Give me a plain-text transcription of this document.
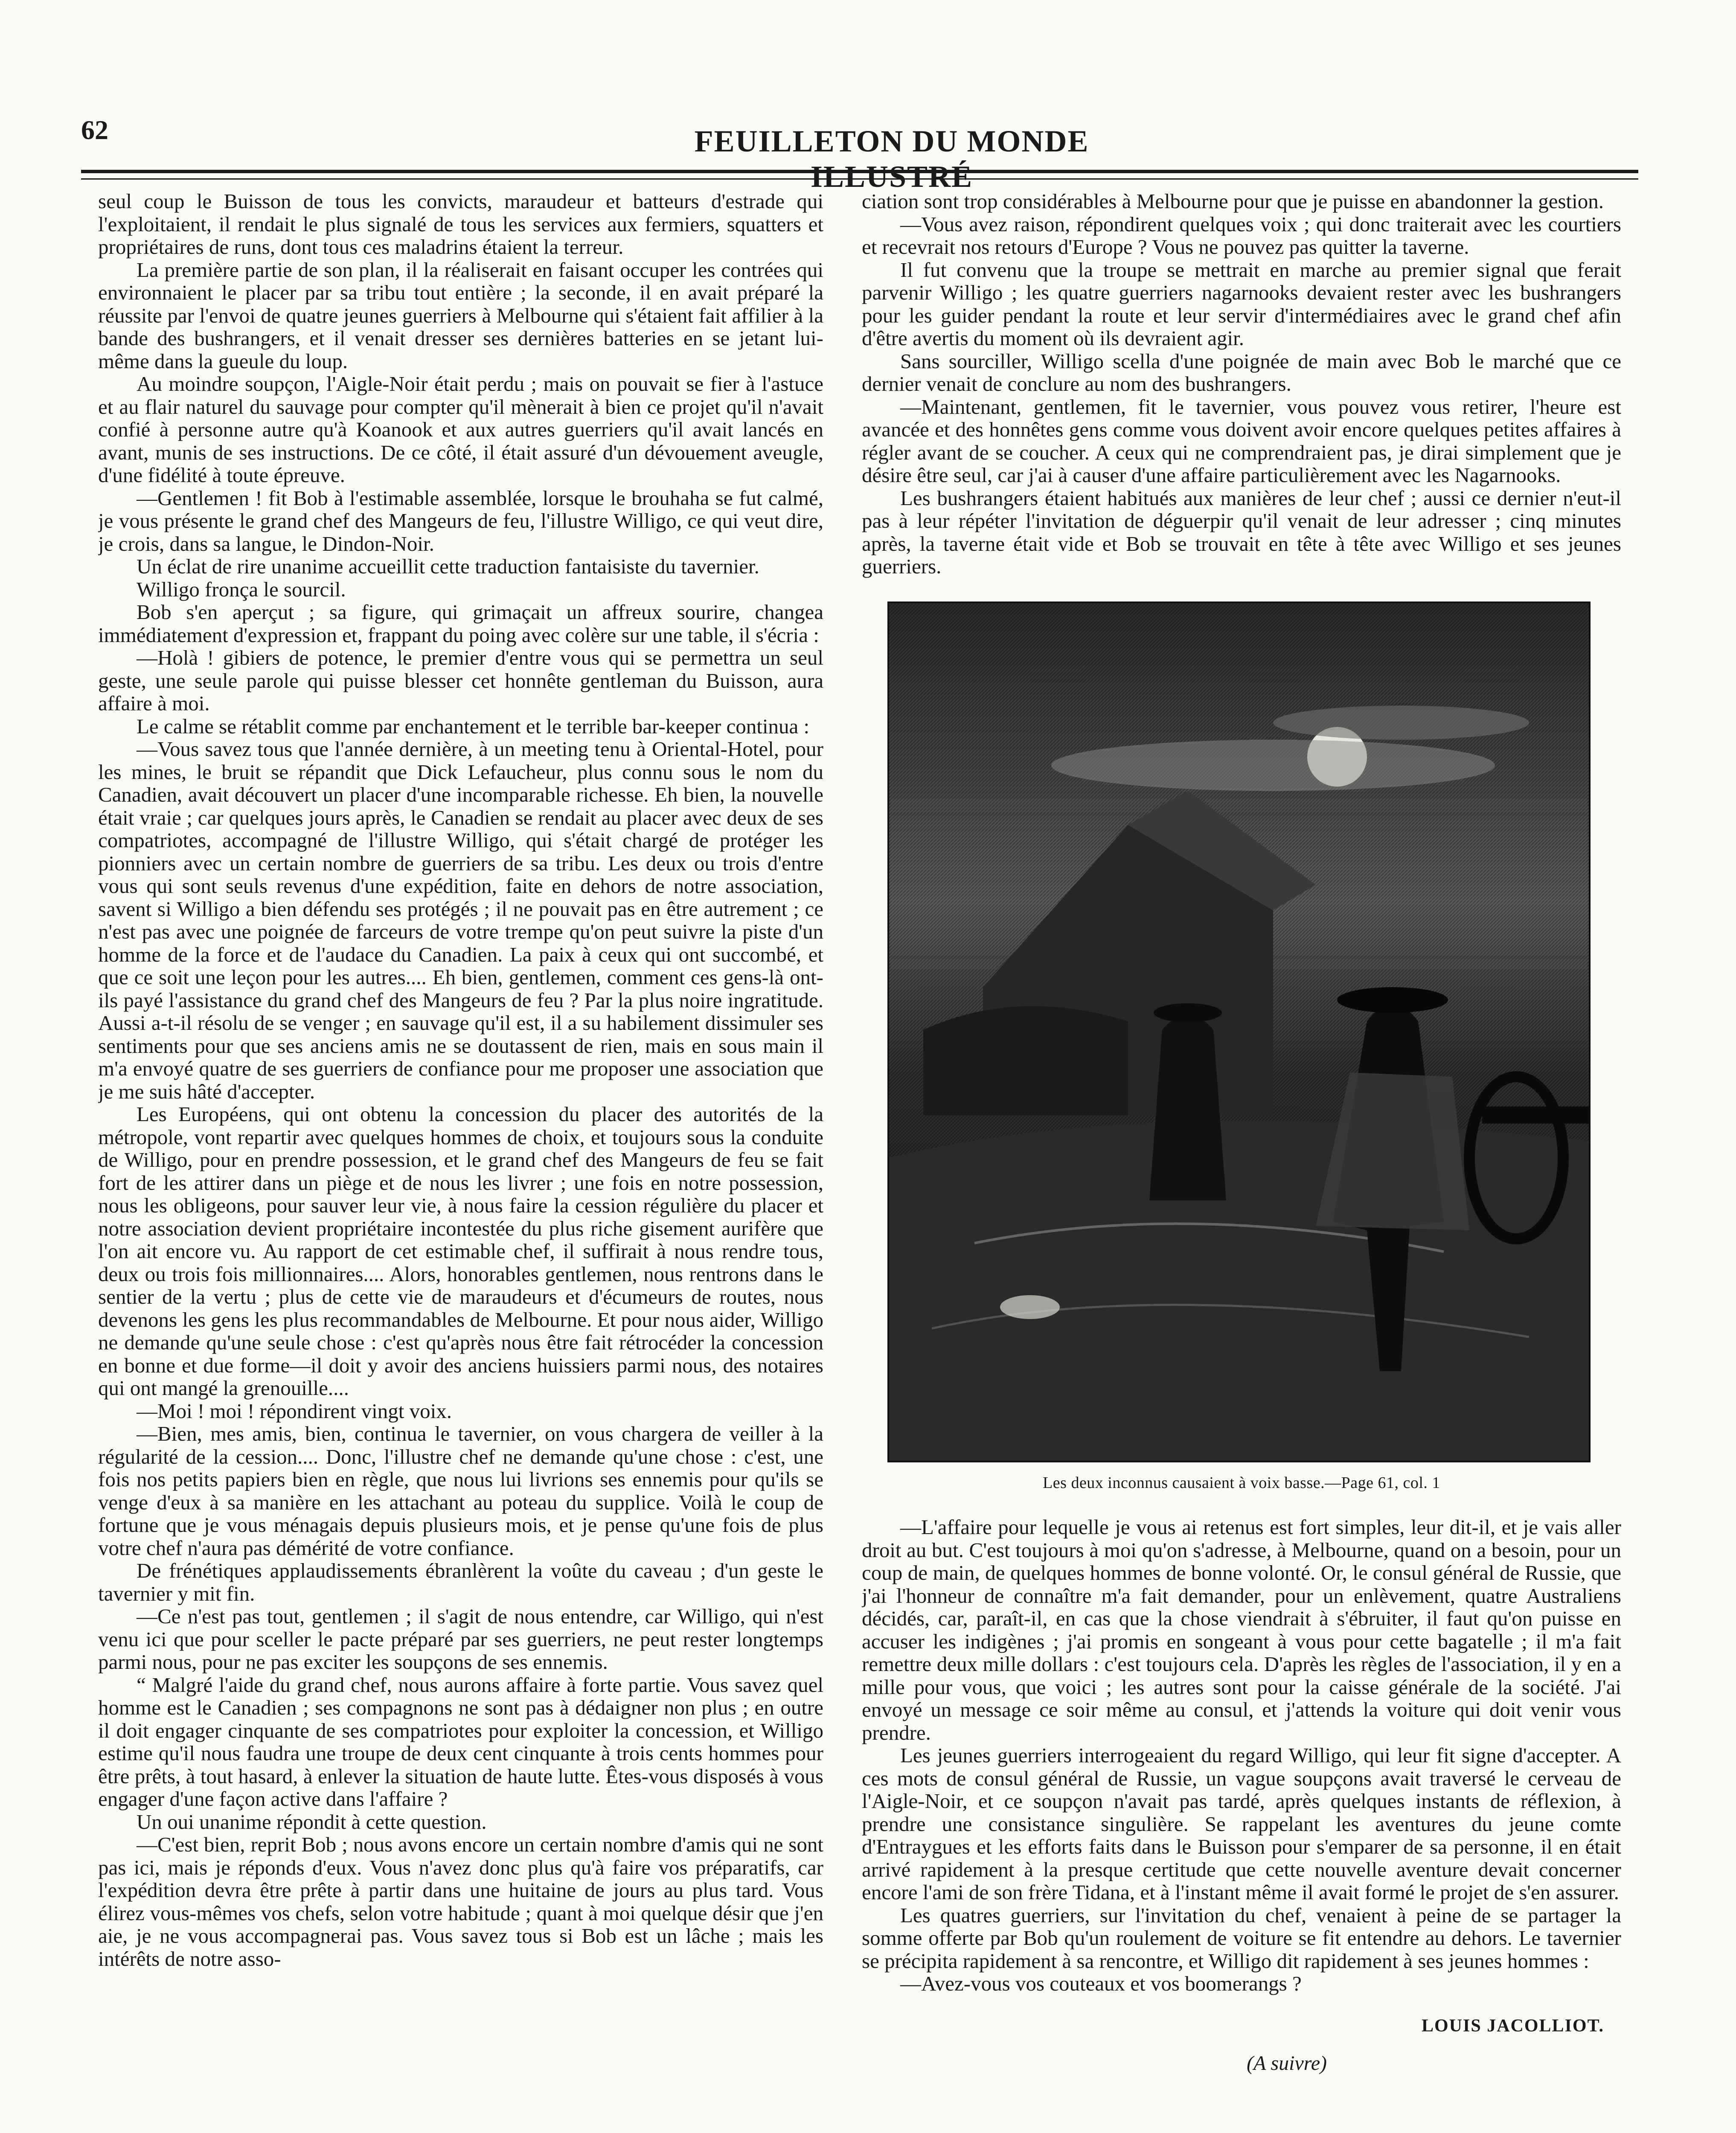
62	FEUILLETON DU MONDE ILLUSTRÉ

seul coup le Buisson de tous les convicts, maraudeur et batteurs d'estrade qui l'exploitaient, il rendait le plus signalé de tous les services aux fermiers, squatters et propriétaires de runs, dont tous ces maladrins étaient la terreur.

La première partie de son plan, il la réaliserait en faisant occuper les contrées qui environnaient le placer par sa tribu tout entière ; la seconde, il en avait préparé la réussite par l'envoi de quatre jeunes guerriers à Melbourne qui s'étaient fait affilier à la bande des bushrangers, et il venait dresser ses dernières batteries en se jetant lui-même dans la gueule du loup.

Au moindre soupçon, l'Aigle-Noir était perdu ; mais on pouvait se fier à l'astuce et au flair naturel du sauvage pour compter qu'il mènerait à bien ce projet qu'il n'avait confié à personne autre qu'à Koanook et aux autres guerriers qu'il avait lancés en avant, munis de ses instructions. De ce côté, il était assuré d'un dévouement aveugle, d'une fidélité à toute épreuve.

—Gentlemen ! fit Bob à l'estimable assemblée, lorsque le brouhaha se fut calmé, je vous présente le grand chef des Mangeurs de feu, l'illustre Willigo, ce qui veut dire, je crois, dans sa langue, le Dindon-Noir.

Un éclat de rire unanime accueillit cette traduction fantaisiste du tavernier.

Willigo fronça le sourcil.

Bob s'en aperçut ; sa figure, qui grimaçait un affreux sourire, changea immédiatement d'expression et, frappant du poing avec colère sur une table, il s'écria :

—Holà ! gibiers de potence, le premier d'entre vous qui se permettra un seul geste, une seule parole qui puisse blesser cet honnête gentleman du Buisson, aura affaire à moi.

Le calme se rétablit comme par enchantement et le terrible bar-keeper continua :

—Vous savez tous que l'année dernière, à un meeting tenu à Oriental-Hotel, pour les mines, le bruit se répandit que Dick Lefaucheur, plus connu sous le nom du Canadien, avait découvert un placer d'une incomparable richesse. Eh bien, la nouvelle était vraie ; car quelques jours après, le Canadien se rendait au placer avec deux de ses compatriotes, accompagné de l'illustre Willigo, qui s'était chargé de protéger les pionniers avec un certain nombre de guerriers de sa tribu. Les deux ou trois d'entre vous qui sont seuls revenus d'une expédition, faite en dehors de notre association, savent si Willigo a bien défendu ses protégés ; il ne pouvait pas en être autrement ; ce n'est pas avec une poignée de farceurs de votre trempe qu'on peut suivre la piste d'un homme de la force et de l'audace du Canadien. La paix à ceux qui ont succombé, et que ce soit une leçon pour les autres.... Eh bien, gentlemen, comment ces gens-là ont-ils payé l'assistance du grand chef des Mangeurs de feu ? Par la plus noire ingratitude. Aussi a-t-il résolu de se venger ; en sauvage qu'il est, il a su habilement dissimuler ses sentiments pour que ses anciens amis ne se doutassent de rien, mais en sous main il m'a envoyé quatre de ses guerriers de confiance pour me proposer une association que je me suis hâté d'accepter.

Les Européens, qui ont obtenu la concession du placer des autorités de la métropole, vont repartir avec quelques hommes de choix, et toujours sous la conduite de Willigo, pour en prendre possession, et le grand chef des Mangeurs de feu se fait fort de les attirer dans un piège et de nous les livrer ; une fois en notre possession, nous les obligeons, pour sauver leur vie, à nous faire la cession régulière du placer et notre association devient propriétaire incontestée du plus riche gisement aurifère que l'on ait encore vu. Au rapport de cet estimable chef, il suffirait à nous rendre tous, deux ou trois fois millionnaires.... Alors, honorables gentlemen, nous rentrons dans le sentier de la vertu ; plus de cette vie de maraudeurs et d'écumeurs de routes, nous devenons les gens les plus recommandables de Melbourne. Et pour nous aider, Willigo ne demande qu'une seule chose : c'est qu'après nous être fait rétrocéder la concession en bonne et due forme—il doit y avoir des anciens huissiers parmi nous, des notaires qui ont mangé la grenouille....

—Moi ! moi ! répondirent vingt voix.

—Bien, mes amis, bien, continua le tavernier, on vous chargera de veiller à la régularité de la cession.... Donc, l'illustre chef ne demande qu'une chose : c'est, une fois nos petits papiers bien en règle, que nous lui livrions ses ennemis pour qu'ils se venge d'eux à sa manière en les attachant au poteau du supplice. Voilà le coup de fortune que je vous ménagais depuis plusieurs mois, et je pense qu'une fois de plus votre chef n'aura pas démérité de votre confiance.

De frénétiques applaudissements ébranlèrent la voûte du caveau ; d'un geste le tavernier y mit fin.

—Ce n'est pas tout, gentlemen ; il s'agit de nous entendre, car Willigo, qui n'est venu ici que pour sceller le pacte préparé par ses guerriers, ne peut rester longtemps parmi nous, pour ne pas exciter les soupçons de ses ennemis.

“ Malgré l'aide du grand chef, nous aurons affaire à forte partie. Vous savez quel homme est le Canadien ; ses compagnons ne sont pas à dédaigner non plus ; en outre il doit engager cinquante de ses compatriotes pour exploiter la concession, et Willigo estime qu'il nous faudra une troupe de deux cent cinquante à trois cents hommes pour être prêts, à tout hasard, à enlever la situation de haute lutte. Êtes-vous disposés à vous engager d'une façon active dans l'affaire ?

Un oui unanime répondit à cette question.

—C'est bien, reprit Bob ; nous avons encore un certain nombre d'amis qui ne sont pas ici, mais je réponds d'eux. Vous n'avez donc plus qu'à faire vos préparatifs, car l'expédition devra être prête à partir dans une huitaine de jours au plus tard. Vous élirez vous-mêmes vos chefs, selon votre habitude ; quant à moi quelque désir que j'en aie, je ne vous accompagnerai pas. Vous savez tous si Bob est un lâche ; mais les intérêts de notre asso-

ciation sont trop considérables à Melbourne pour que je puisse en abandonner la gestion.

—Vous avez raison, répondirent quelques voix ; qui donc traiterait avec les courtiers et recevrait nos retours d'Europe ? Vous ne pouvez pas quitter la taverne.

Il fut convenu que la troupe se mettrait en marche au premier signal que ferait parvenir Willigo ; les quatre guerriers nagarnooks devaient rester avec les bushrangers pour les guider pendant la route et leur servir d'intermédiaires avec le grand chef afin d'être avertis du moment où ils devraient agir.

Sans sourciller, Willigo scella d'une poignée de main avec Bob le marché que ce dernier venait de conclure au nom des bushrangers.

—Maintenant, gentlemen, fit le tavernier, vous pouvez vous retirer, l'heure est avancée et des honnêtes gens comme vous doivent avoir encore quelques petites affaires à régler avant de se coucher. A ceux qui ne comprendraient pas, je dirai simplement que je désire être seul, car j'ai à causer d'une affaire particulièrement avec les Nagarnooks.

Les bushrangers étaient habitués aux manières de leur chef ; aussi ce dernier n'eut-il pas à leur répéter l'invitation de déguerpir qu'il venait de leur adresser ; cinq minutes après, la taverne était vide et Bob se trouvait en tête à tête avec Willigo et ses jeunes guerriers.

Les deux inconnus causaient à voix basse.—Page 61, col. 1

—L'affaire pour lequelle je vous ai retenus est fort simples, leur dit-il, et je vais aller droit au but. C'est toujours à moi qu'on s'adresse, à Melbourne, quand on a besoin, pour un coup de main, de quelques hommes de bonne volonté. Or, le consul général de Russie, que j'ai l'honneur de connaître m'a fait demander, pour un enlèvement, quatre Australiens décidés, car, paraît-il, en cas que la chose viendrait à s'ébruiter, il faut qu'on puisse en accuser les indigènes ; j'ai promis en songeant à vous pour cette bagatelle ; il m'a fait remettre deux mille dollars : c'est toujours cela. D'après les règles de l'association, il y en a mille pour vous, que voici ; les autres sont pour la caisse générale de la société. J'ai envoyé un message ce soir même au consul, et j'attends la voiture qui doit venir vous prendre.

Les jeunes guerriers interrogeaient du regard Willigo, qui leur fit signe d'accepter. A ces mots de consul général de Russie, un vague soupçons avait traversé le cerveau de l'Aigle-Noir, et ce soupçon n'avait pas tardé, après quelques instants de réflexion, à prendre une consistance singulière. Se rappelant les aventures du jeune comte d'Entraygues et les efforts faits dans le Buisson pour s'emparer de sa personne, il en était arrivé rapidement à la presque certitude que cette nouvelle aventure devait concerner encore l'ami de son frère Tidana, et à l'instant même il avait formé le projet de s'en assurer.

Les quatres guerriers, sur l'invitation du chef, venaient à peine de se partager la somme offerte par Bob qu'un roulement de voiture se fit entendre au dehors. Le tavernier se précipita rapidement à sa rencontre, et Willigo dit rapidement à ses jeunes hommes :

—Avez-vous vos couteaux et vos boomerangs ?

LOUIS JACOLLIOT.
(A suivre)
